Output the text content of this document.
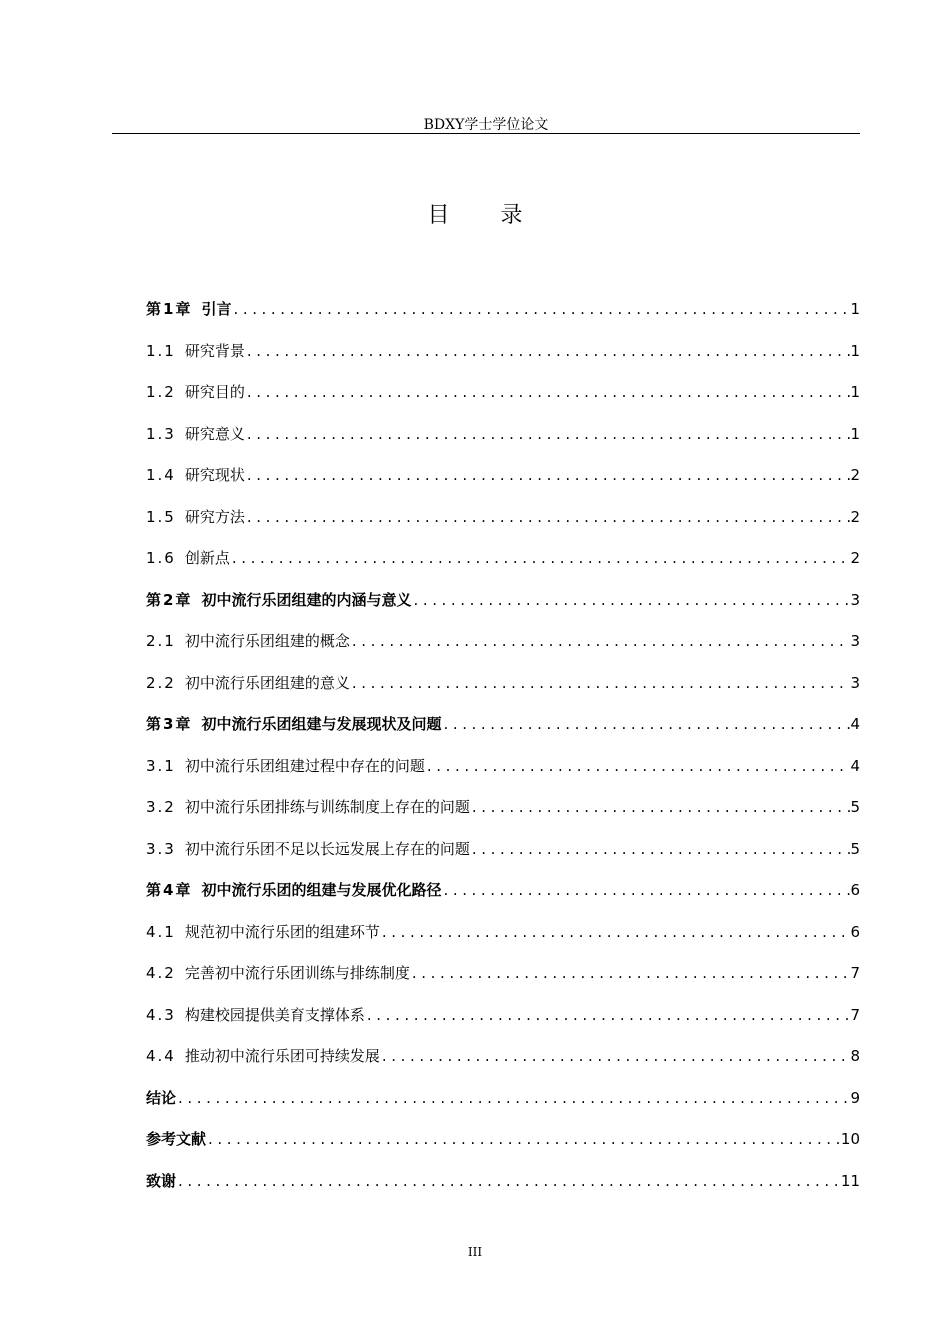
BDXY学士学位论文
目 录
第1章 引言 .....	1
1.1 研究背景 .....	1
1.2 研究目的 .....	1
1.3 研究意义 .....	1
1.4 研究现状 .....	2
1.5 研究方法 .....	2
1.6 创新点 .....	2
第2章 初中流行乐团组建的内涵与意义 .....	3
2.1 初中流行乐团组建的概念 .....	3
2.2 初中流行乐团组建的意义 .....	3
第3章 初中流行乐团组建与发展现状及问题 .....	4
3.1 初中流行乐团组建过程中存在的问题 .....	4
3.2 初中流行乐团排练与训练制度上存在的问题 .....	5
3.3 初中流行乐团不足以长远发展上存在的问题 .....	5
第4章 初中流行乐团的组建与发展优化路径 .....	6
4.1 规范初中流行乐团的组建环节 .....	6
4.2 完善初中流行乐团训练与排练制度 .....	7
4.3 构建校园提供美育支撑体系 .....	7
4.4 推动初中流行乐团可持续发展 .....	8
结论 .....	9
参考文献 .....	10
致谢 .....	11
III
